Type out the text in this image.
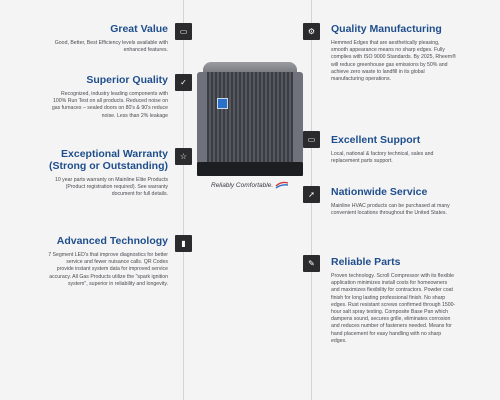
▭
✓
☆
▮
⚙
▭
➚
✎

Great Value

Good, Better, Best Efficiency levels available with enhanced features.

Superior Quality

Recognized, industry leading components with 100% Run Test on all products. Reduced noise on gas furnaces – sealed doors on 80's & 90's reduce noise. Less than 2% leakage

Exceptional Warranty (Strong or Outstanding)

10 year parts warranty on Mainline Elite Products (Product registration required). See warranty document for full details.

Advanced Technology

7 Segment LED's that improve diagnostics for better service and fewer nuisance calls. QR Codes provide instant system data for improved service accuracy. All Gas Products utilize the "spark ignition system", superior in reliability and longevity.

Quality Manufacturing

Hemmed Edges that are aesthetically pleasing, smooth appearance means no sharp edges. Fully complies with ISO 9000 Standards. By 2025, Rheem® will reduce greenhouse gas emissions by 50% and achieve zero waste to landfill in its global manufacturing operations.

Excellent Support

Local, national & factory technical, sales and replacement parts support.

Nationwide Service

Mainline HVAC products can be purchased at many convenient locations throughout the United States.

Reliable Parts

Proven technology. Scroll Compressor with its flexible application minimizes install costs for homeowners and maximizes flexibility for contractors. Powder coat finish for long lasting professional finish. No sharp edges. Rust resistant screws confirmed through 1500-hour salt spray testing. Composite Base Pan which dampens sound, secures grille, eliminates corrosion and reduces number of fasteners needed. Means for hand placement for easy handling with no sharp edges.

Reliably Comfortable.
